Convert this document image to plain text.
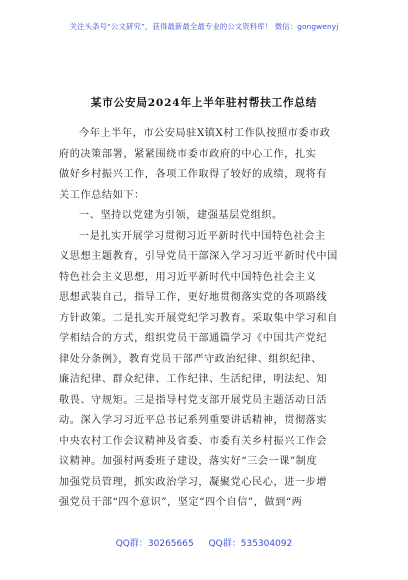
关注头条号“公文研究”，获得最新最全最专业的公文资料库！ 微信：gongwenyj
某市公安局2024年上半年驻村帮扶工作总结
今年上半年，市公安局驻X镇X村工作队按照市委市政
府的决策部署，紧紧围绕市委市政府的中心工作，扎实
做好乡村振兴工作，各项工作取得了较好的成绩，现将有
关工作总结如下：
一、坚持以党建为引领，建强基层党组织。
一是扎实开展学习贯彻习近平新时代中国特色社会主
义思想主题教育，引导党员干部深入学习习近平新时代中国
特色社会主义思想，用习近平新时代中国特色社会主义
思想武装自己，指导工作，更好地贯彻落实党的各项路线
方针政策。二是扎实开展党纪学习教育。采取集中学习和自
学相结合的方式，组织党员干部通篇学习《中国共产党纪
律处分条例》，教育党员干部严守政治纪律、组织纪律、
廉洁纪律、群众纪律、工作纪律、生活纪律，明法纪、知
敬畏、守规矩。三是指导村党支部开展党员主题活动日活
动。深入学习习近平总书记系列重要讲话精神，贯彻落实
中央农村工作会议精神及省委、市委有关乡村振兴工作会
议精神。加强村两委班子建设，落实好“三会一课”制度
加强党员管理，抓实政治学习，凝聚党心民心，进一步增
强党员干部“四个意识”，坚定“四个自信”，做到“两
QQ群：30265665 QQ群：535304092
